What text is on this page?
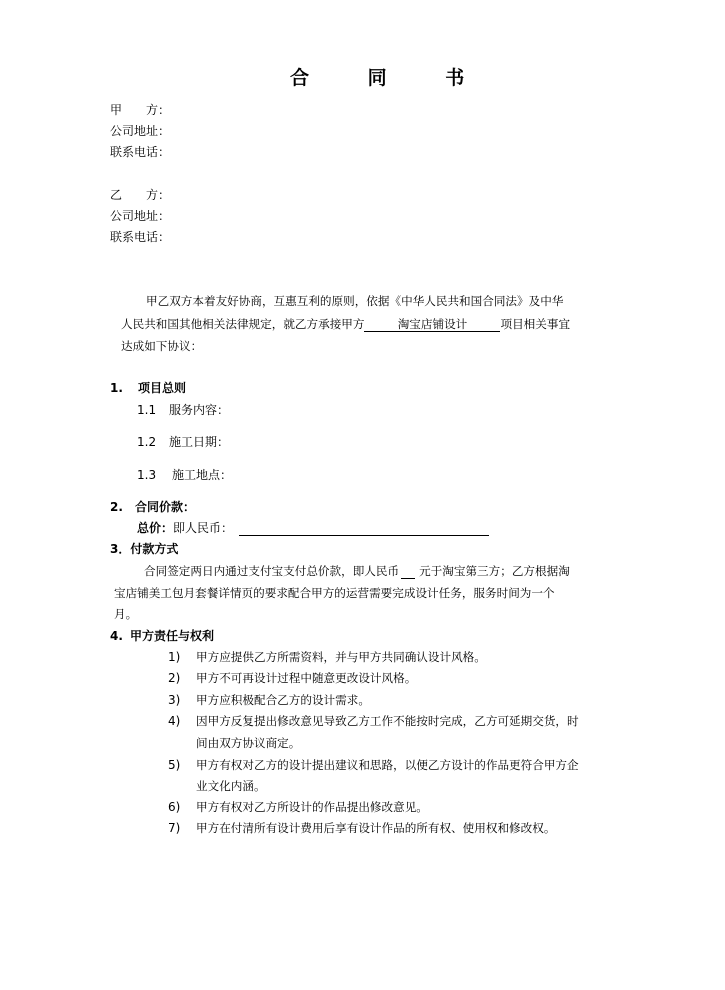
合 同 书
甲　　方：
公司地址：
联系电话：
乙　　方：
公司地址：
联系电话：
甲乙双方本着友好协商，互惠互利的原则，依据《中华人民共和国合同法》及中华
人民共和国其他相关法律规定，就乙方承接甲方	淘宝店铺设计	项目相关事宜
达成如下协议：
1. 项目总则
1.1 服务内容：
1.2 施工日期：
1.3 施工地点：
2. 合同价款：
总价：即人民币：
3．付款方式
合同签定两日内通过支付宝支付总价款，即人民币 元于淘宝第三方；乙方根据淘
宝店铺美工包月套餐详情页的要求配合甲方的运营需要完成设计任务，服务时间为一个
月。
4. 甲方责任与权利
1) 甲方应提供乙方所需资料，并与甲方共同确认设计风格。
2) 甲方不可再设计过程中随意更改设计风格。
3) 甲方应积极配合乙方的设计需求。
4) 因甲方反复提出修改意见导致乙方工作不能按时完成，乙方可延期交货，时
间由双方协议商定。
5) 甲方有权对乙方的设计提出建议和思路，以便乙方设计的作品更符合甲方企
业文化内涵。
6) 甲方有权对乙方所设计的作品提出修改意见。
7) 甲方在付清所有设计费用后享有设计作品的所有权、使用权和修改权。
